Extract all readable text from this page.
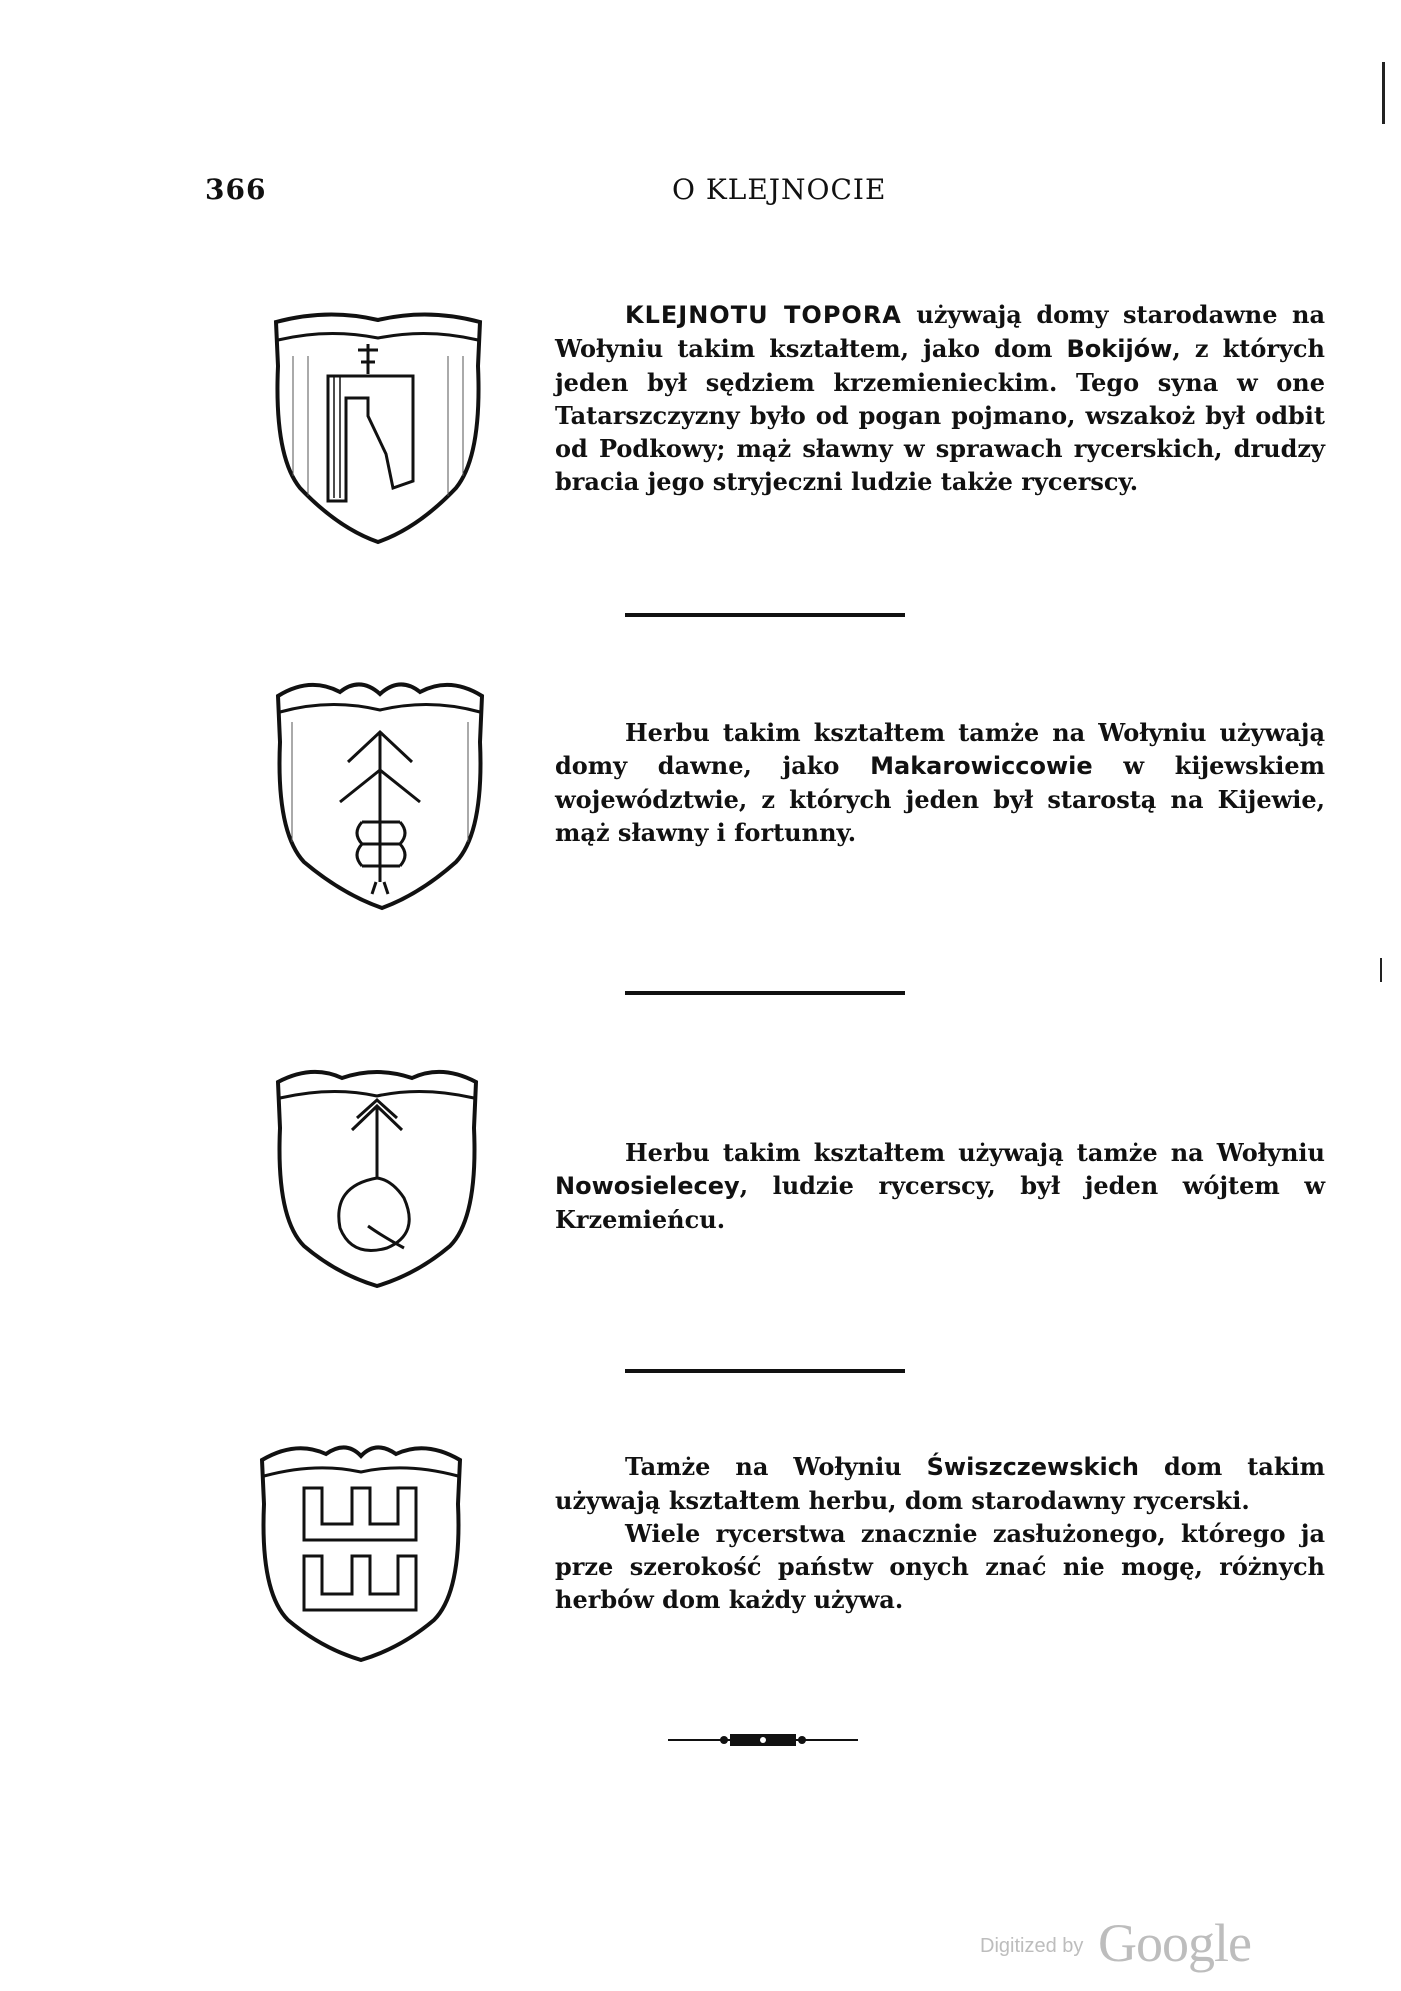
366	O KLEJNOCIE
KLEJNOTU TOPORA używają domy starodawne na Wołyniu takim kształtem, jako dom Bokijów, z których jeden był sędziem krzemienieckim. Tego syna w one Tatarszczyzny było od pogan pojmano, wszakoż był odbit od Podkowy; mąż sławny w sprawach rycerskich, drudzy bracia jego stryjeczni ludzie także rycerscy.
Herbu takim kształtem tamże na Wołyniu używają domy dawne, jako Makarowiccowie w kijewskiem województwie, z których jeden był starostą na Kijewie, mąż sławny i fortunny.
Herbu takim kształtem używają tamże na Wołyniu Nowosielecey, ludzie rycerscy, był jeden wójtem w Krzemieńcu.

Tamże na Wołyniu Świszczewskich dom takim używają kształtem herbu, dom starodawny rycerski.

Wiele rycerstwa znacznie zasłużonego, którego ja prze szerokość państw onych znać nie mogę, różnych herbów dom każdy używa.

Digitized by Google
